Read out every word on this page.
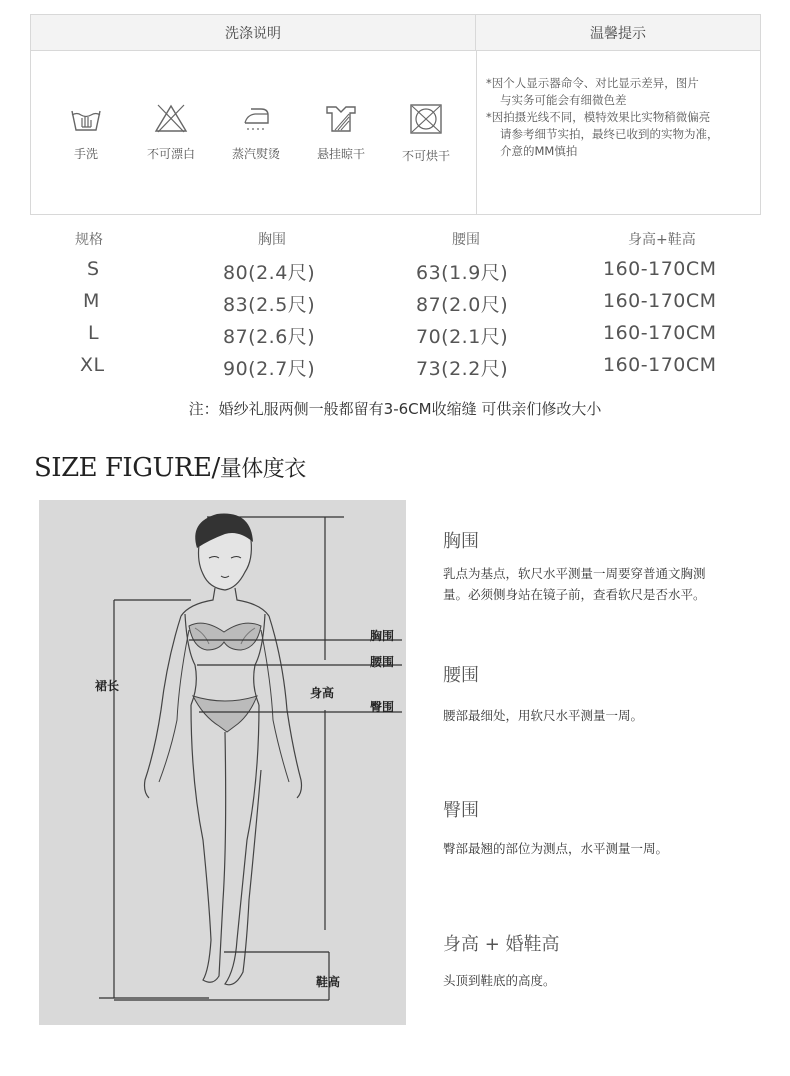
洗涤说明	温馨提示
手洗	不可漂白	蒸汽熨烫	悬挂晾干	不可烘干

*因个人显示器命令、对比显示差异，图片

与实务可能会有细微色差

*因拍摄光线不同，模特效果比实物稍微偏亮

请参考细节实拍，最终已收到的实物为准，

介意的MM慎拍

规格	胸围	腰围	身高+鞋高
S	80(2.4尺)	63(1.9尺)	160-170CM
M	83(2.5尺)	87(2.0尺)	160-170CM
L	87(2.6尺)	70(2.1尺)	160-170CM
XL	90(2.7尺)	73(2.2尺)	160-170CM
注：婚纱礼服两侧一般都留有3-6CM收缩缝 可供亲们修改大小
SIZE FIGURE/量体度衣
胸围
腰围
臀围
裙长	身高
鞋高
胸围
乳点为基点，软尺水平测量一周要穿普通文胸测
量。必须侧身站在镜子前，查看软尺是否水平。
腰围
腰部最细处，用软尺水平测量一周。
臀围
臀部最翘的部位为测点，水平测量一周。
身高 + 婚鞋高
头顶到鞋底的高度。
